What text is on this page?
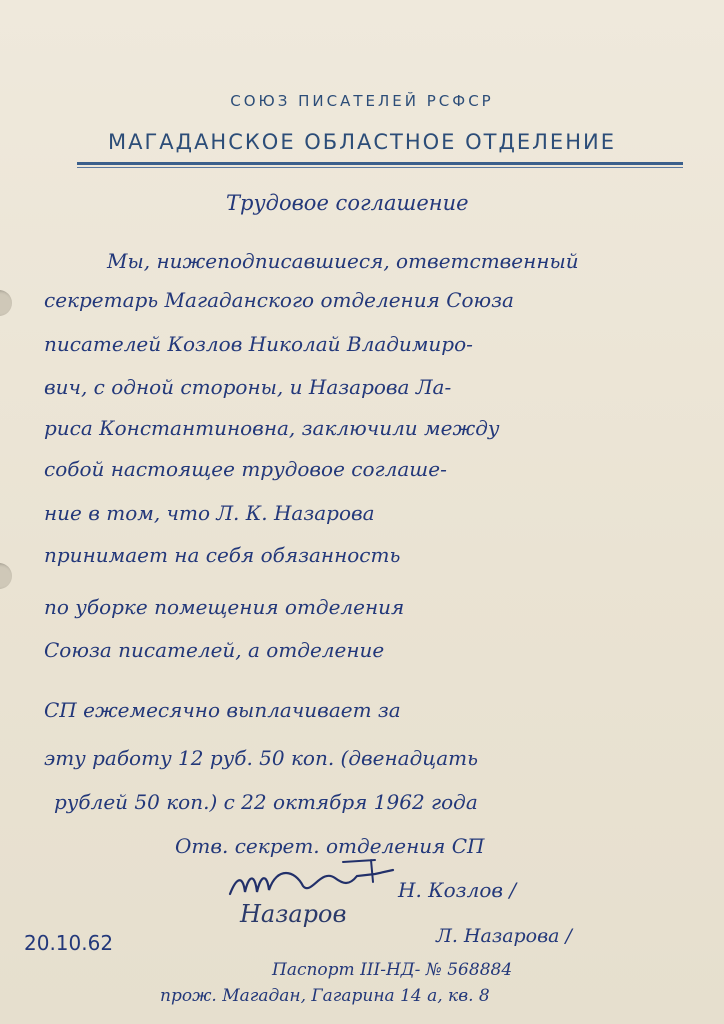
СОЮЗ ПИСАТЕЛЕЙ РСФСР
МАГАДАНСКОЕ ОБЛАСТНОЕ ОТДЕЛЕНИЕ
Трудовое соглашение
Мы, нижеподписавшиеся, ответственный
секретарь Магаданского отделения Союза
писателей Козлов Николай Владимиро-
вич, с одной стороны, и Назарова Ла-
риса Константиновна, заключили между
собой настоящее трудовое соглаше-
ние в том, что Л. К. Назарова
принимает на себя обязанность
по уборке помещения отделения
Союза писателей, а отделение
СП ежемесячно выплачивает за
эту работу 12 руб. 50 коп. (двенадцать
рублей 50 коп.) с 22 октября 1962 года
Отв. секрет. отделения СП
Н. Козлов /
Назаров
Л. Назарова /
20.10.62
Паспорт III-НД- № 568884
прож. Магадан, Гагарина 14 а, кв. 8
